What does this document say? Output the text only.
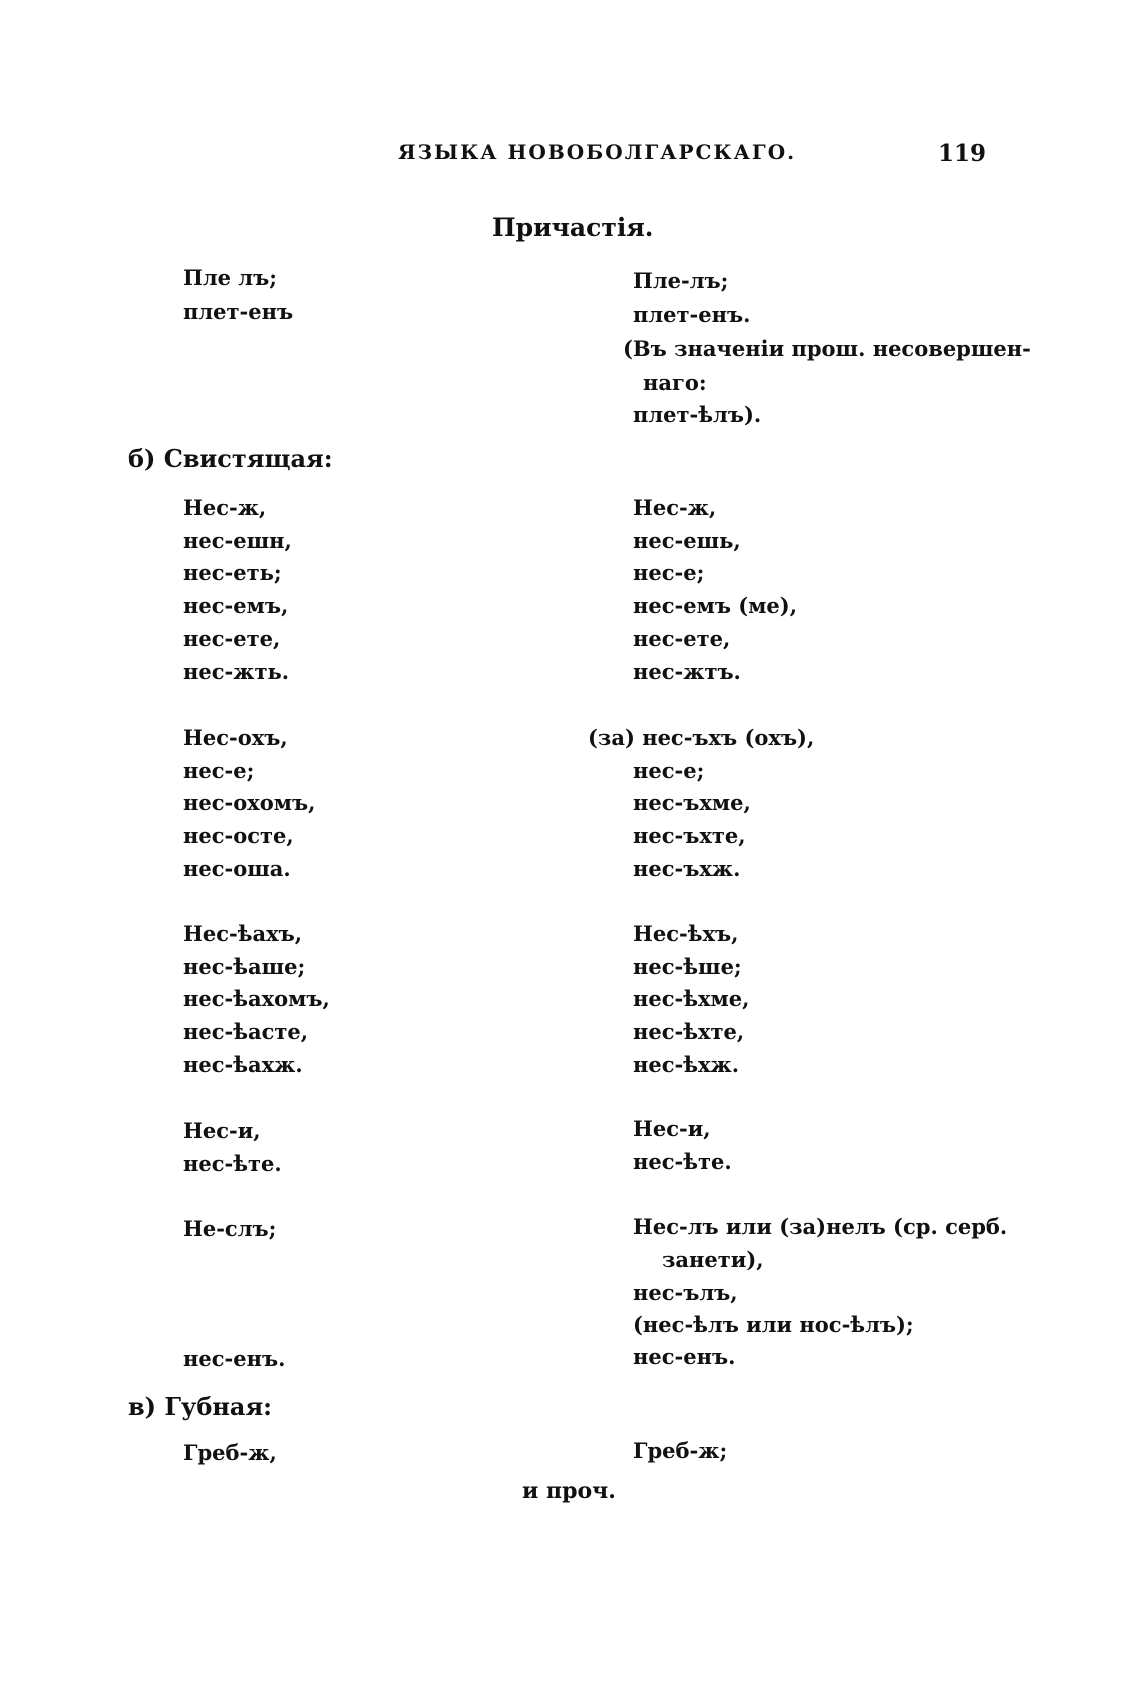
ЯЗЫКА НОВОБОЛГАРСКАГО.	119
Причастія.
Пле лъ;
плет-енъ
Пле-лъ;
плет-енъ.
(Въ значеніи прош. несовершен-
наго:
плет-ѣлъ).
б) Свистящая:
Нес-ж,
нес-ешн,
нес-еть;
нес-емъ,
нес-ете,
нес-жть.
Нес-ж,
нес-ешь,
нес-е;
нес-емъ (ме),
нес-ете,
нес-жтъ.
Нес-охъ,
нес-е;
нес-охомъ,
нес-осте,
нес-оша.
(за) нес-ъхъ (охъ),
нес-е;
нес-ъхме,
нес-ъхте,
нес-ъхж.
Нес-ѣахъ,
нес-ѣаше;
нес-ѣахомъ,
нес-ѣасте,
нес-ѣахж.
Нес-ѣхъ,
нес-ѣше;
нес-ѣхме,
нес-ѣхте,
нес-ѣхж.
Нес-и,
нес-ѣте.
Нес-и,
нес-ѣте.
Не-слъ;
нес-енъ.
Нес-лъ или (за)нелъ (ср. серб.
занети),
нес-ълъ,
(нес-ѣлъ или нос-ѣлъ);
нес-енъ.
в) Губная:
Греб-ж,	Греб-ж;
и проч.
